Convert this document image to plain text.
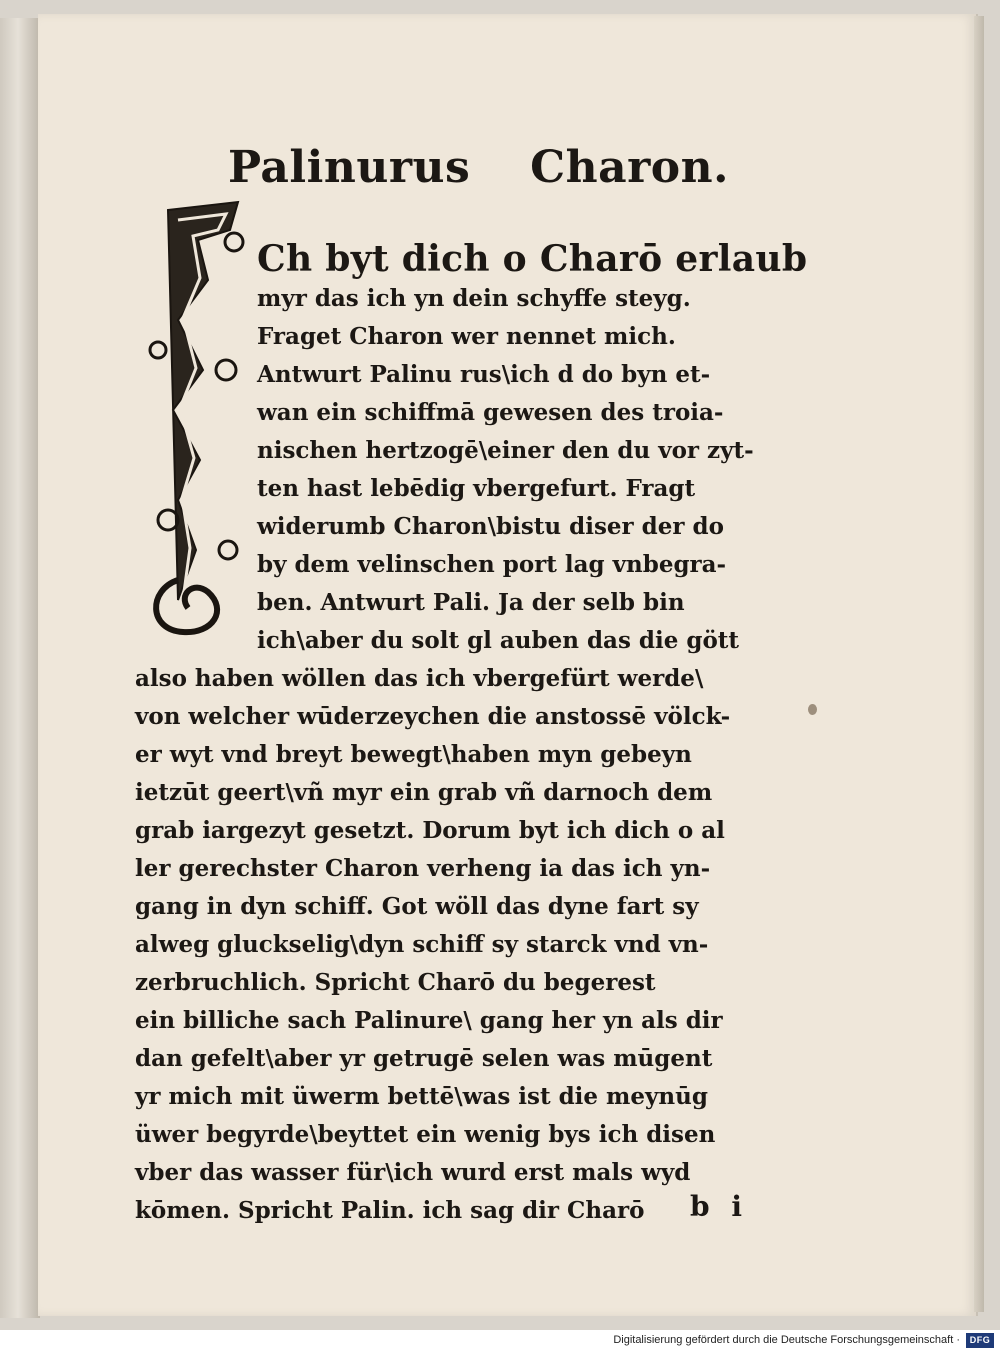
Palinurus Charon.
Ch byt dich o Charō erlaub
myr das ich yn dein schyffe steyg.
Fraget Charon wer nennet mich.
Antwurt Palinu rus\ich d do byn et-
wan ein schiffmā gewesen des troia-
nischen hertzogē\einer den du vor zyt-
ten hast lebēdig vbergefurt. Fragt
widerumb Charon\bistu diser der do
by dem velinschen port lag vnbegra-
ben. Antwurt Pali. Ja der selb bin
ich\aber du solt gl auben das die gött
also haben wöllen das ich vbergefürt werde\
von welcher wūderzeychen die anstossē völck-
er wyt vnd breyt bewegt\haben myn gebeyn
ietzūt geert\vñ myr ein grab vñ darnoch dem
grab iargezyt gesetzt. Dorum byt ich dich o al
ler gerechster Charon verheng ia das ich yn-
gang in dyn schiff. Got wöll das dyne fart sy
alweg gluckselig\dyn schiff sy starck vnd vn-
zerbruchlich. Spricht Charō du begerest
ein billiche sach Palinure\ gang her yn als dir
dan gefelt\aber yr getrugē selen was mūgent
yr mich mit üwerm bettē\was ist die meynūg
üwer begyrde\beyttet ein wenig bys ich disen
vber das wasser für\ich wurd erst mals wyd
kōmen. Spricht Palin. ich sag dir Charō b i
Digitalisierung gefördert durch die Deutsche Forschungsgemeinschaft ·	DFG
